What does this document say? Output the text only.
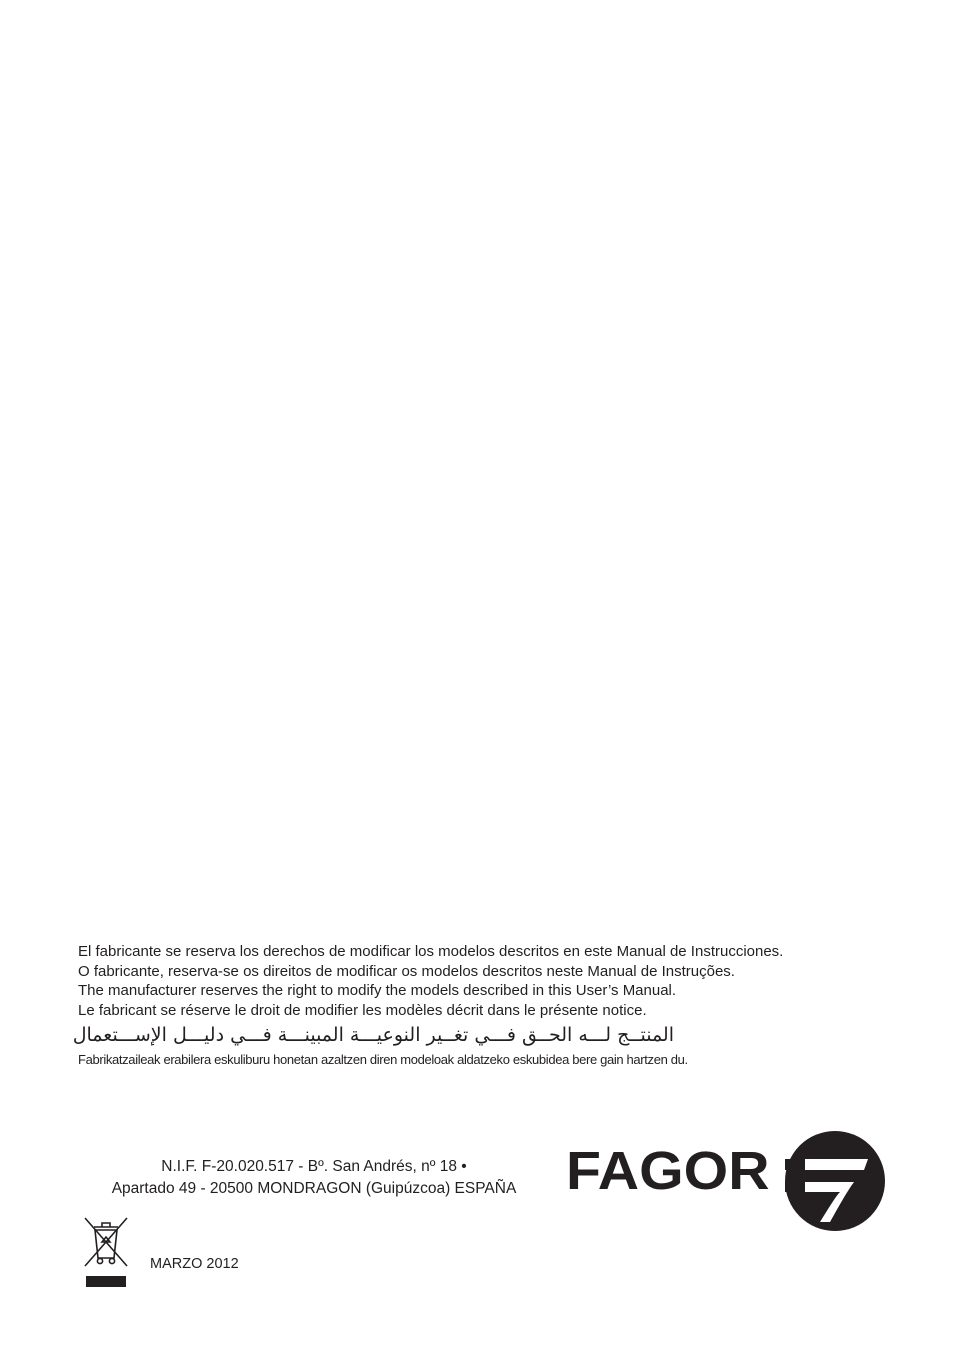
El fabricante se reserva los derechos de modificar los modelos descritos en este Manual de Instrucciones.
O fabricante, reserva-se os direitos de modificar os modelos descritos neste Manual de Instruções.
The manufacturer reserves the right to modify the models described in this User’s Manual.
Le fabricant se réserve le droit de modifier les modèles décrit dans le présente notice.
المنتــج لـــه الحــق فـــي تغــير النوعيـــة المبينـــة فـــي دليـــل الإســـتعمال
Fabrikatzaileak erabilera eskuliburu honetan azaltzen diren modeloak aldatzeko eskubidea bere gain hartzen du.
N.I.F. F-20.020.517 - Bº. San Andrés, nº 18 •
Apartado 49 - 20500 MONDRAGON (Guipúzcoa) ESPAÑA FAGOR
MARZO 2012
